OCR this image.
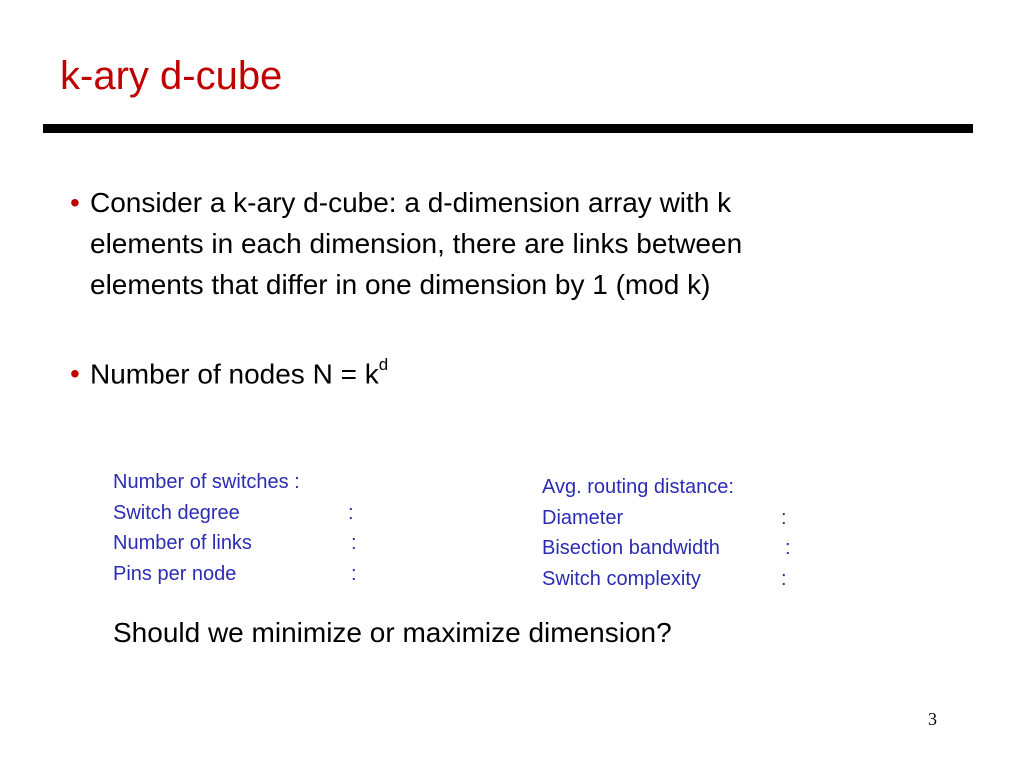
k-ary d-cube
• Consider a k-ary d-cube: a d-dimension array with k
elements in each dimension, there are links between
elements that differ in one dimension by 1 (mod k)
• Number of nodes $N = k^d$
Number of switches :
Switch degree	:
Number of links	:
Pins per node	:
Avg. routing distance:
Diameter	:
Bisection bandwidth	:
Switch complexity	:
Should we minimize or maximize dimension?
3
